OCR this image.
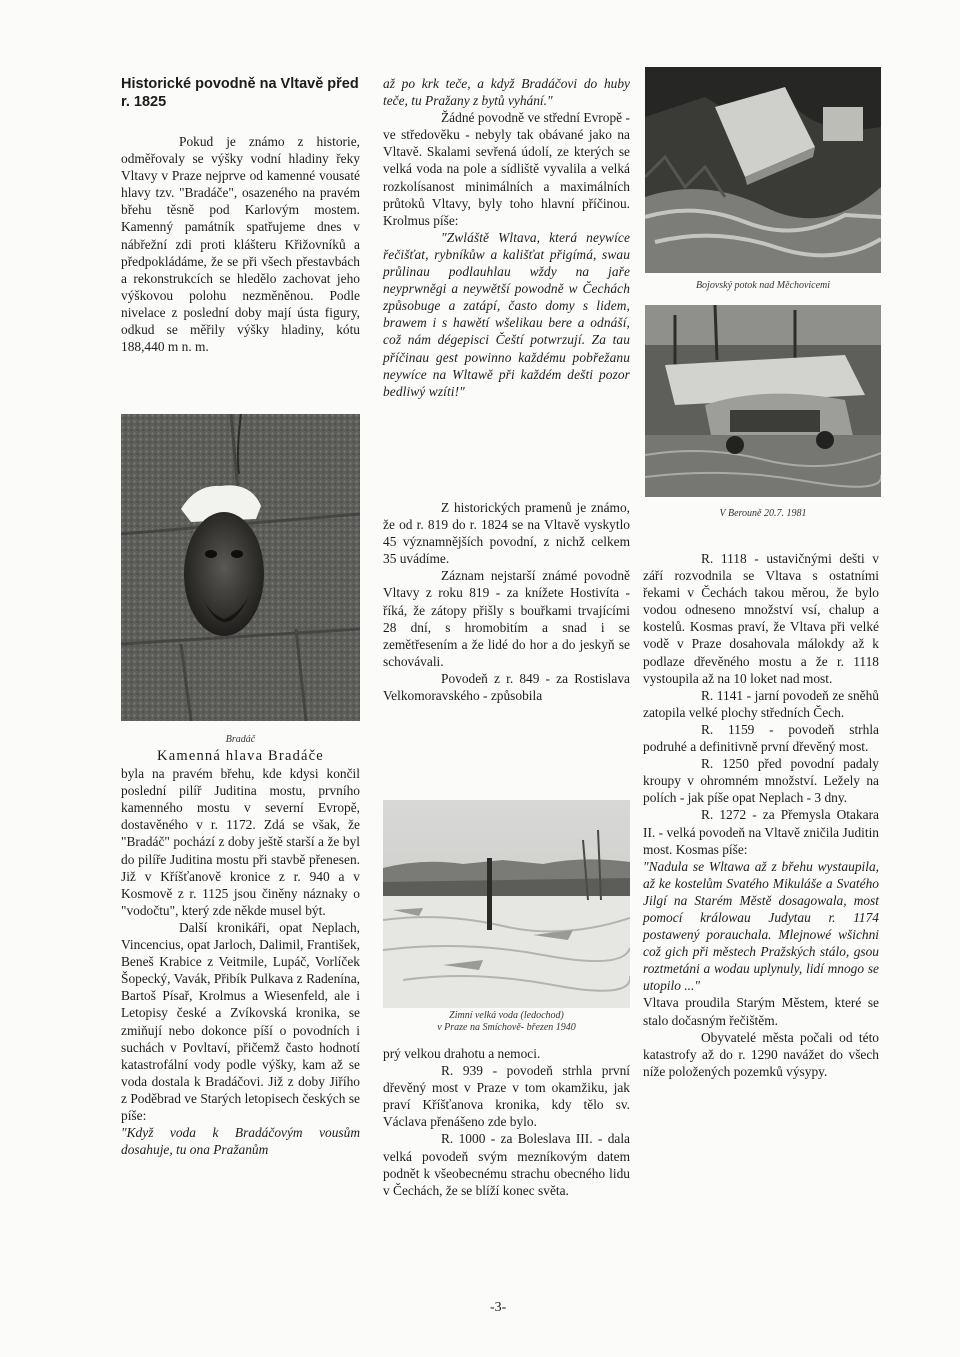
Historické povodně na Vltavě před r. 1825

Pokud je známo z historie, odměřovaly se výšky vodní hladiny řeky Vltavy v Praze nejprve od kamenné vousaté hlavy tzv. "Bradáče", osazeného na pravém břehu těsně pod Karlovým mostem. Kamenný památník spatřujeme dnes v nábřežní zdi proti klášteru Křižovníků a předpokládáme, že se při všech přestavbách a rekonstrukcích se hledělo zachovat jeho výškovou polohu nezměněnou. Podle nivelace z poslední doby mají ústa figury, odkud se měřily výšky hladiny, kótu 188,440 m n. m.

Bradáč

Kamenná hlava Bradáče

byla na pravém břehu, kde kdysi končil poslední pilíř Juditina mostu, prvního kamenného mostu v severní Evropě, dostavěného v r. 1172. Zdá se však, že "Bradáč" pochází z doby ještě starší a že byl do pilíře Juditina mostu při stavbě přenesen. Již v Kříšťanově kronice z r. 940 a v Kosmově z r. 1125 jsou činěny náznaky o "vodočtu", který zde někde musel být.

Další kronikáři, opat Neplach, Vincencius, opat Jarloch, Dalimil, František, Beneš Krabice z Veitmile, Lupáč, Vorlíček Šopecký, Vavák, Přibík Pulkava z Radenína, Bartoš Písař, Krolmus a Wiesenfeld, ale i Letopisy české a Zvíkovská kronika, se zmiňují nebo dokonce píší o povodních i suchách v Povltaví, přičemž často hodnotí katastrofální vody podle výšky, kam až se voda dostala k Bradáčovi. Již z doby Jiřího z Poděbrad ve Starých letopisech českých se píše:

"Když voda k Bradáčovým vousům dosahuje, tu ona Pražanům

až po krk teče, a když Bradáčovi do huby teče, tu Pražany z bytů vyhání."

Žádné povodně ve střední Evropě - ve středověku - nebyly tak obávané jako na Vltavě. Skalami sevřená údolí, ze kterých se velká voda na pole a sídliště vyvalila a velká rozkolísanost minimálních a maximálních průtoků Vltavy, byly toho hlavní příčinou. Krolmus píše:

"Zwláště Wltava, která neywíce řečišťat, rybníkůw a kališťat přigímá, swau průlinau podlauhlau wždy na jaře neyprwněgi a neywětší powodně w Čechách způsobuge a zatápí, často domy s lidem, brawem i s hawětí wšelikau bere a odnáší, což nám dégepisci Čeští potwrzují. Za tau příčinau gest powinno každému pobřežanu neywíce na Wltawě při každém dešti pozor bedliwý wzíti!"

Z historických pramenů je známo, že od r. 819 do r. 1824 se na Vltavě vyskytlo 45 významnějších povodní, z nichž celkem 35 uvádíme.

Záznam nejstarší známé povodně Vltavy z roku 819 - za knížete Hostivíta - říká, že zátopy přišly s bouřkami trvajícími 28 dní, s hromobitím a snad i se zemětřesením a že lidé do hor a do jeskyň se schovávali.

Povodeň z r. 849 - za Rostislava Velkomoravského - způsobila

Zimní velká voda (ledochod)
v Praze na Smíchově- březen 1940

prý velkou drahotu a nemoci.

R. 939 - povodeň strhla první dřevěný most v Praze v tom okamžiku, jak praví Kříšťanova kronika, kdy tělo sv. Václava přenášeno zde bylo.

R. 1000 - za Boleslava III. - dala velká povodeň svým mezníkovým datem podnět k všeobecnému strachu obecného lidu v Čechách, že se blíží konec světa.

Bojovský potok nad Měchovicemi
V Berouně 20.7. 1981

R. 1118 - ustavičnými dešti v září rozvodnila se Vltava s ostatními řekami v Čechách takou měrou, že bylo vodou odneseno množství vsí, chalup a kostelů. Kosmas praví, že Vltava při velké vodě v Praze dosahovala málokdy až k podlaze dřevěného mostu a že r. 1118 vystoupila až na 10 loket nad most.

R. 1141 - jarní povodeň ze sněhů zatopila velké plochy středních Čech.

R. 1159 - povodeň strhla podruhé a definitivně první dřevěný most.

R. 1250 před povodní padaly kroupy v ohromném množství. Ležely na polích - jak píše opat Neplach - 3 dny.

R. 1272 - za Přemysla Otakara II. - velká povodeň na Vltavě zničila Juditin most. Kosmas píše:

"Nadula se Wltawa až z břehu wystaupila, až ke kostelům Svatého Mikuláše a Svatého Jilgí na Starém Městě dosagowala, most pomocí králowau Judytau r. 1174 postawený porauchala. Mlejnowé wšichni což gich při městech Pražských stálo, gsou roztmetáni a wodau uplynuly, lidí mnogo se utopilo ..."

Vltava proudila Starým Městem, které se stalo dočasným řečištěm.

Obyvatelé města počali od této katastrofy až do r. 1290 navážet do všech níže položených pozemků výsypy.

-3-
